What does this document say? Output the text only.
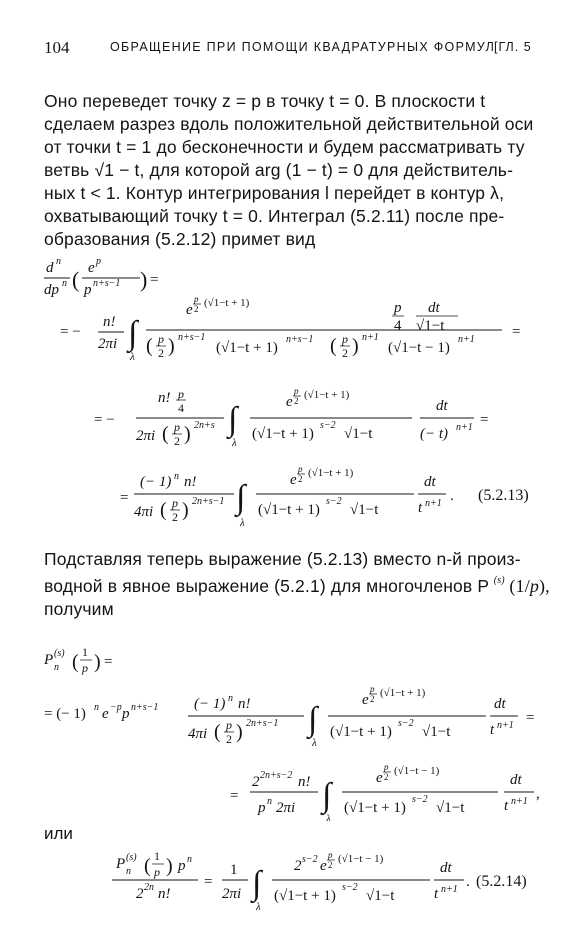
104	ОБРАЩЕНИЕ ПРИ ПОМОЩИ КВАДРАТУРНЫХ ФОРМУЛ
[ГЛ. 5
Оно переведет точку z = p в точку t = 0. В плоскости t
сделаем разрез вдоль положительной действительной оси
от точки t = 1 до бесконечности и будем рассматривать ту
ветвь √1 − t, для которой arg (1 − t) = 0 для действитель-
ных t < 1. Контур интегрирования l перейдет в контур λ,
охватывающий точку t = 0. Интеграл (5.2.11) после пре-
образования (5.2.12) примет вид
d n
dp n ( e p
p n+s−1 ) =
= −
n!
2πi ∫
λ
e
p
2 (√1−t + 1)
( p
2 ) n+s−1
(√1−t + 1)
n+s−1
p
4
dt
√1−t
( p
2 ) n+1
(√1−t − 1)
n+1 =
= −
n! p
4
2πi ( p
2 ) 2n+s ∫
λ
e
p
2 (√1−t + 1)
(√1−t + 1)
s−2
√1−t
dt
(− t) n+1 =
=
(− 1) n n!
4πi ( p
2 ) 2n+s−1 ∫
λ
e
p
2 (√1−t + 1)
(√1−t + 1)
s−2
√1−t
dt
t n+1 . (5.2.13)
Подставляя теперь выражение (5.2.13) вместо n-й произ-
водной в явное выражение (5.2.1) для многочленов P $^{(s)}$ (1/p),
получим
P (s)
n ( 1
p ) =
= (− 1) n e −p p n+s−1 (− 1) n n!
4πi ( p
2 ) 2n+s−1 ∫
λ
e
p
2 (√1−t + 1)
(√1−t + 1)
s−2
√1−t
dt
t n+1 =
=
2 2n+s−2 n!
p n 2πi ∫
λ
e
p
2 (√1−t − 1)
(√1−t + 1)
s−2
√1−t
dt
t n+1 ,
или
P (s)
n ( 1
p ) p n
2 2n n!
=
1
2πi ∫
λ
2 s−2 e
p
2 (√1−t − 1)
(√1−t + 1)
s−2
√1−t
dt
t n+1 . (5.2.14)
